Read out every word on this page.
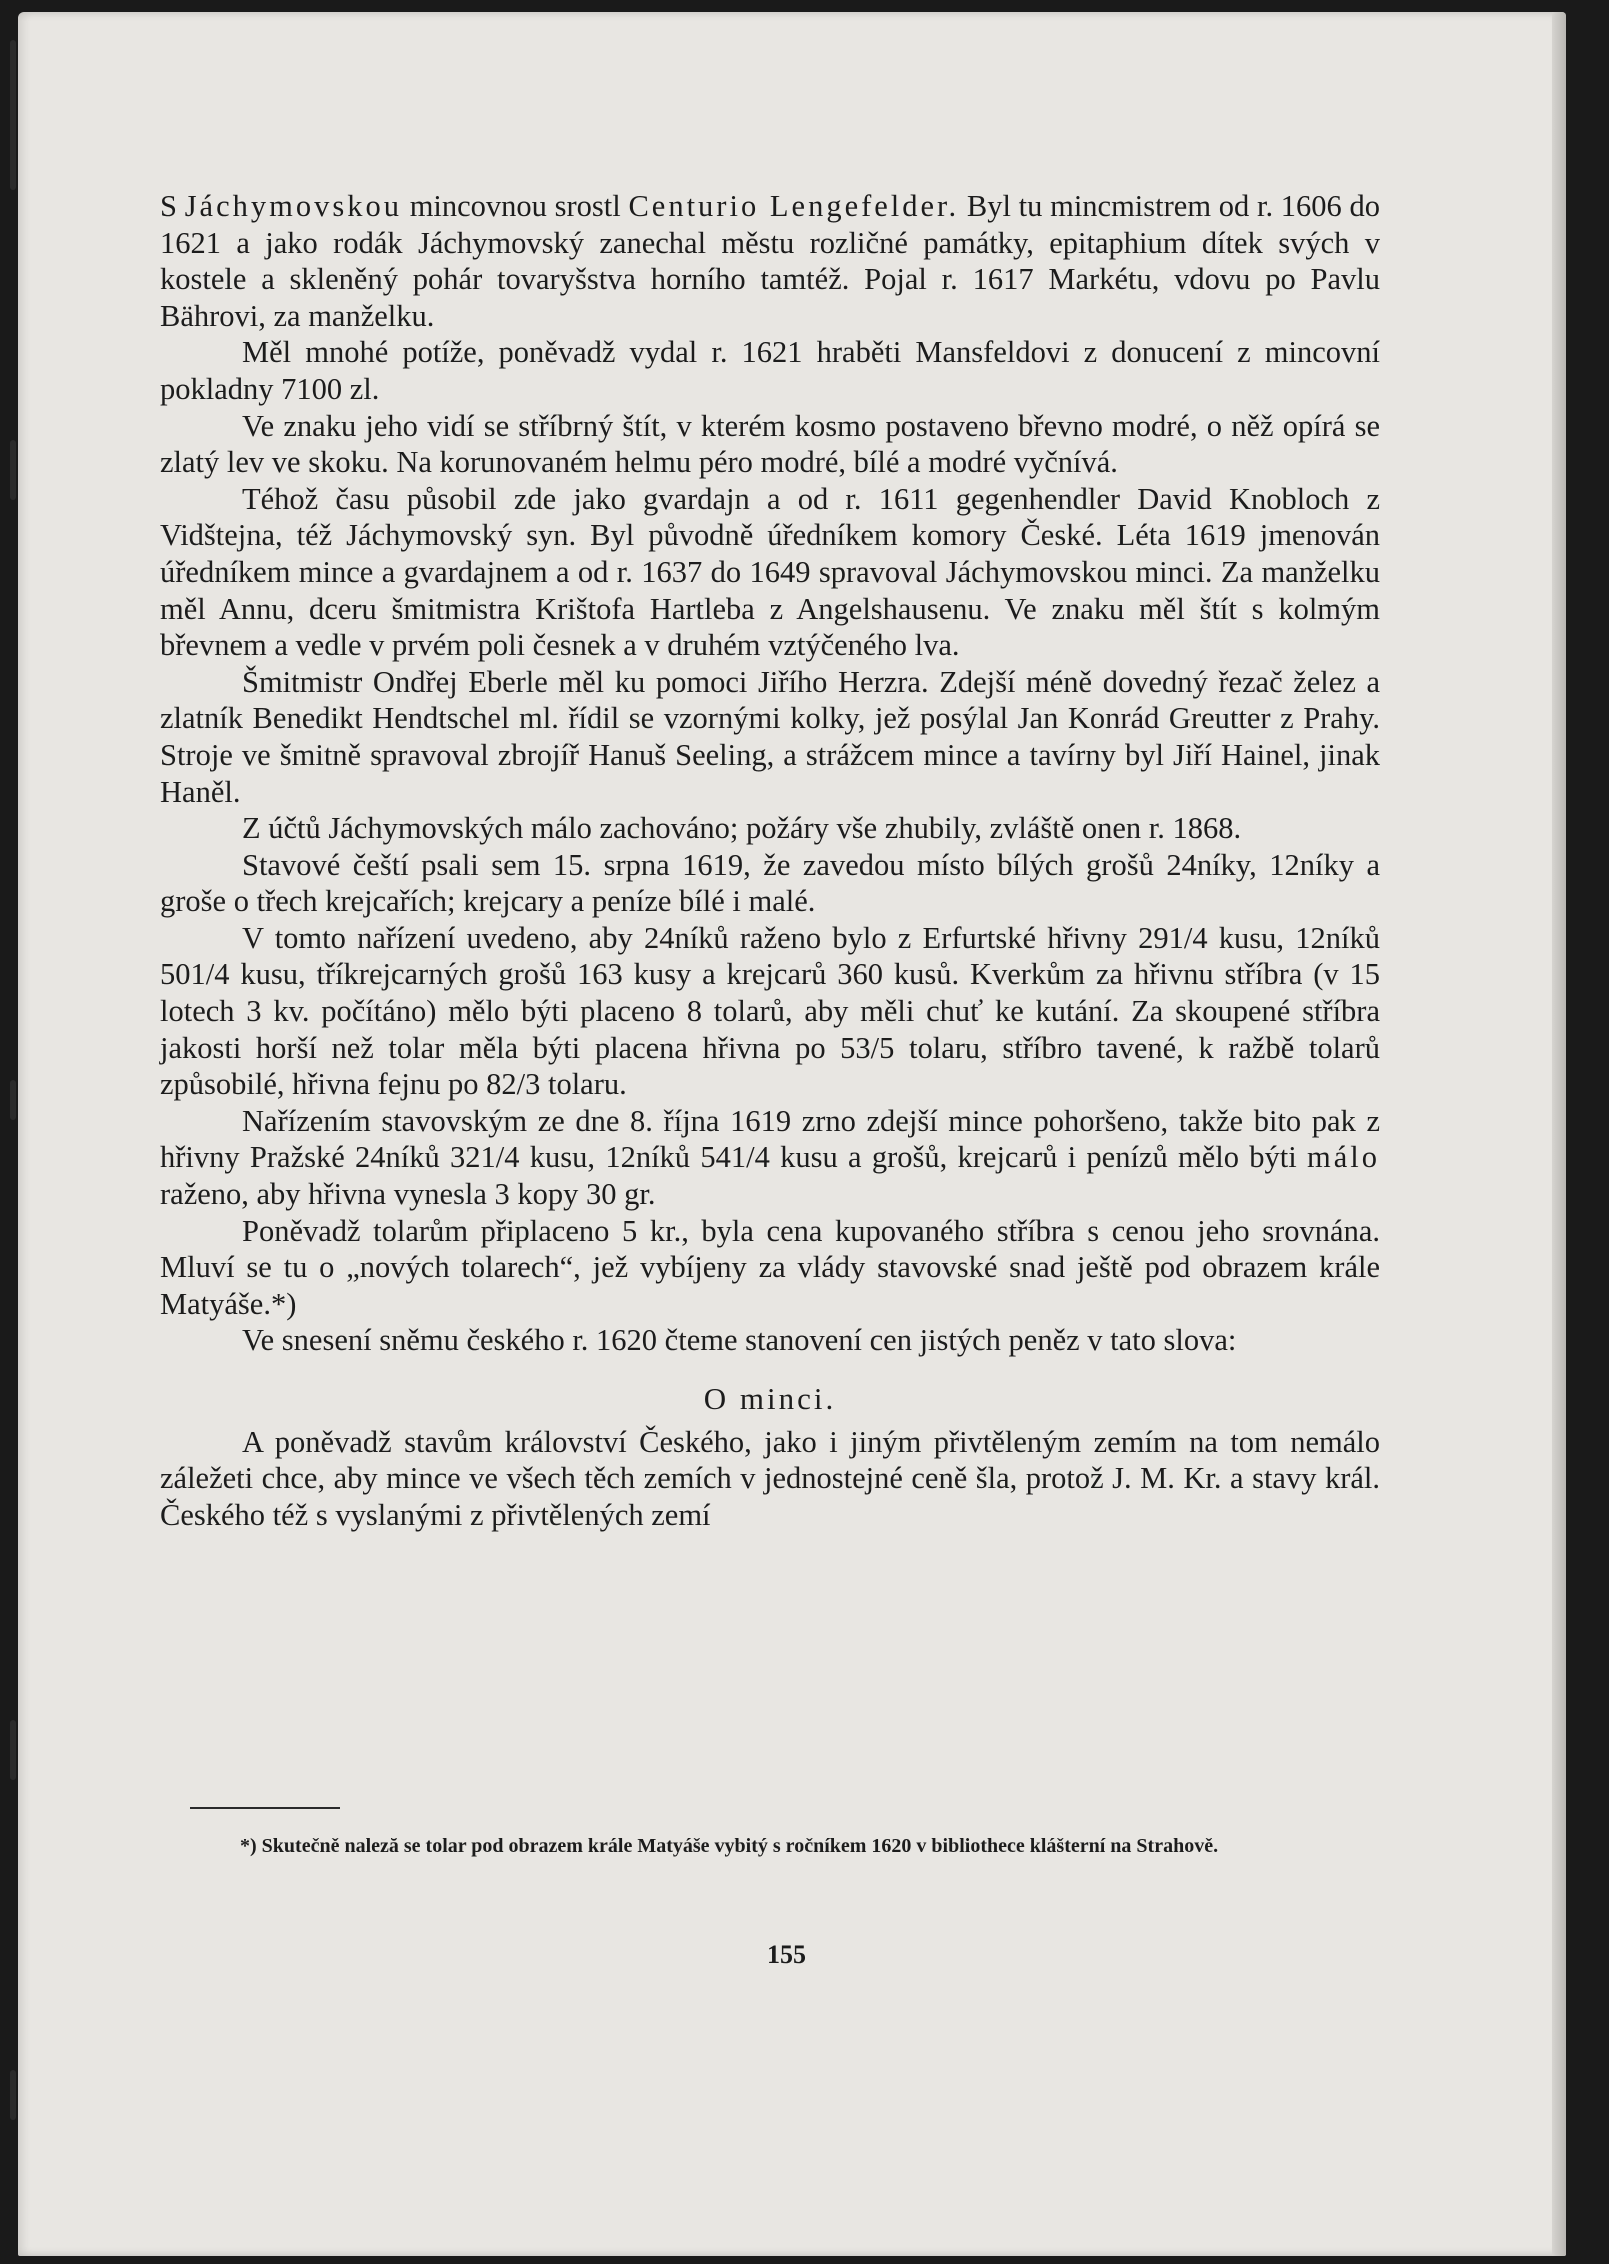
S Jáchymovskou mincovnou srostl Centurio Lengefelder. Byl tu mincmistrem od r. 1606 do 1621 a jako rodák Jáchymovský zanechal městu rozličné památky, epitaphium dítek svých v kostele a skleněný pohár tovaryšstva horního tamtéž. Pojal r. 1617 Markétu, vdovu po Pavlu Bährovi, za manželku.

Měl mnohé potíže, poněvadž vydal r. 1621 hraběti Mansfeldovi z donucení z mincovní pokladny 7100 zl.

Ve znaku jeho vidí se stříbrný štít, v kterém kosmo postaveno břevno modré, o něž opírá se zlatý lev ve skoku. Na korunovaném helmu péro modré, bílé a modré vyčnívá.

Téhož času působil zde jako gvardajn a od r. 1611 gegenhendler David Knobloch z Vidštejna, též Jáchymovský syn. Byl původně úředníkem komory České. Léta 1619 jmenován úředníkem mince a gvardajnem a od r. 1637 do 1649 spravoval Jáchymovskou minci. Za manželku měl Annu, dceru šmitmistra Krištofa Hartleba z Angelshausenu. Ve znaku měl štít s kolmým břevnem a vedle v prvém poli česnek a v druhém vztýčeného lva.

Šmitmistr Ondřej Eberle měl ku pomoci Jiřího Herzra. Zdejší méně dovedný řezač želez a zlatník Benedikt Hendtschel ml. řídil se vzornými kolky, jež posýlal Jan Konrád Greutter z Prahy. Stroje ve šmitně spravoval zbrojíř Hanuš Seeling, a strážcem mince a tavírny byl Jiří Hainel, jinak Haněl.

Z účtů Jáchymovských málo zachováno; požáry vše zhubily, zvláště onen r. 1868.

Stavové čeští psali sem 15. srpna 1619, že zavedou místo bílých grošů 24níky, 12níky a groše o třech krejcařích; krejcary a peníze bílé i malé.

V tomto nařízení uvedeno, aby 24níků raženo bylo z Erfurtské hřivny 291/4 kusu, 12níků 501/4 kusu, tříkrejcarných grošů 163 kusy a krejcarů 360 kusů. Kverkům za hřivnu stříbra (v 15 lotech 3 kv. počítáno) mělo býti placeno 8 tolarů, aby měli chuť ke kutání. Za skoupené stříbra jakosti horší než tolar měla býti placena hřivna po 53/5 tolaru, stříbro tavené, k ražbě tolarů způsobilé, hřivna fejnu po 82/3 tolaru.

Nařízením stavovským ze dne 8. října 1619 zrno zdejší mince pohoršeno, takže bito pak z hřivny Pražské 24níků 321/4 kusu, 12níků 541/4 kusu a grošů, krejcarů i penízů mělo býti málo raženo, aby hřivna vynesla 3 kopy 30 gr.

Poněvadž tolarům připlaceno 5 kr., byla cena kupovaného stříbra s cenou jeho srovnána. Mluví se tu o „nových tolarech“, jež vybíjeny za vlády stavovské snad ještě pod obrazem krále Matyáše.*)

Ve snesení sněmu českého r. 1620 čteme stanovení cen jistých peněz v tato slova:

O minci.

A poněvadž stavům království Českého, jako i jiným přivtěleným zemím na tom nemálo záležeti chce, aby mince ve všech těch zemích v jednostejné ceně šla, protož J. M. Kr. a stavy král. Českého též s vyslanými z přivtělených zemí

*) Skutečně naleză se tolar pod obrazem krále Matyáše vybitý s ročníkem 1620 v bibliothece klášterní na Strahově.

155
